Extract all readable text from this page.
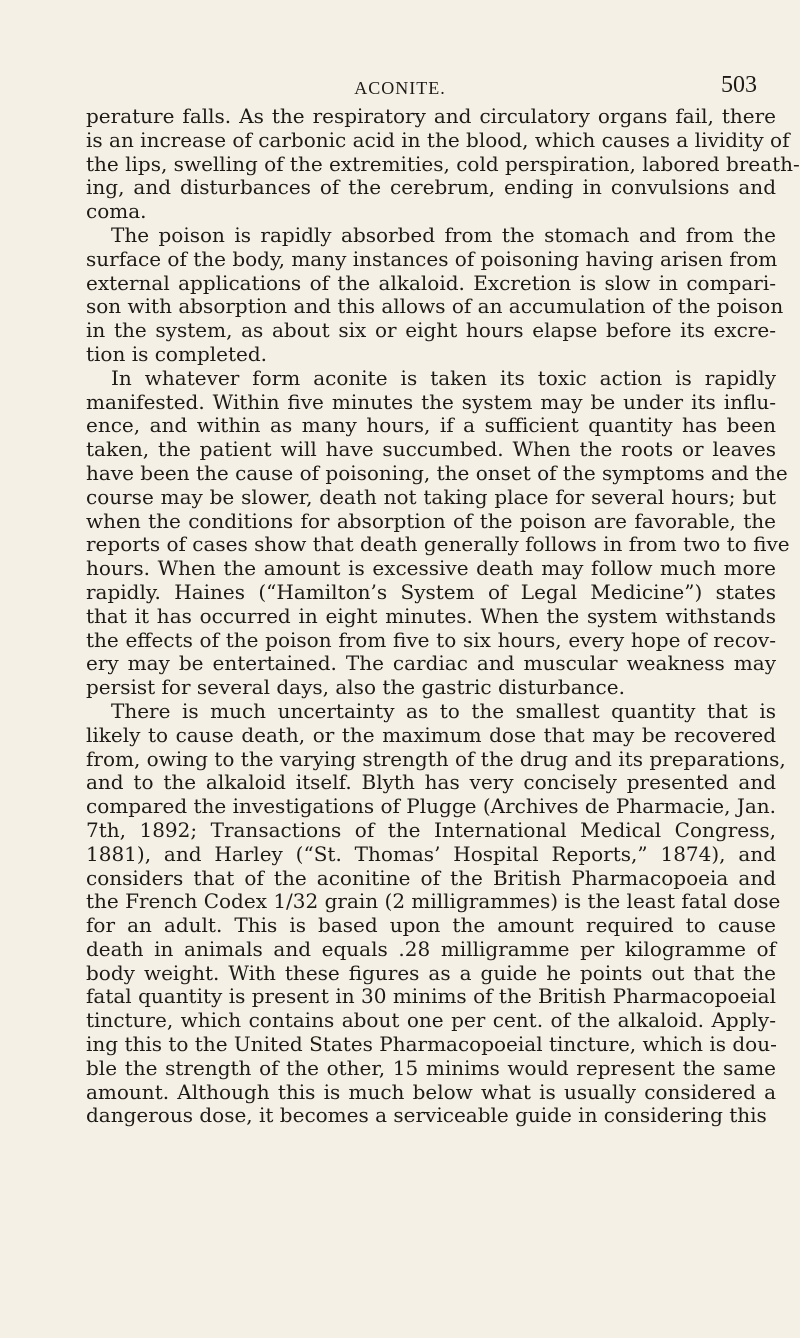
ACONITE.	503
perature falls. As the respiratory and circulatory organs fail, there
is an increase of carbonic acid in the blood, which causes a lividity of
the lips, swelling of the extremities, cold perspiration, labored breath-
ing, and disturbances of the cerebrum, ending in convulsions and
coma.
The poison is rapidly absorbed from the stomach and from the
surface of the body, many instances of poisoning having arisen from
external applications of the alkaloid. Excretion is slow in compari-
son with absorption and this allows of an accumulation of the poison
in the system, as about six or eight hours elapse before its excre-
tion is completed.
In whatever form aconite is taken its toxic action is rapidly
manifested. Within five minutes the system may be under its influ-
ence, and within as many hours, if a sufficient quantity has been
taken, the patient will have succumbed. When the roots or leaves
have been the cause of poisoning, the onset of the symptoms and the
course may be slower, death not taking place for several hours; but
when the conditions for absorption of the poison are favorable, the
reports of cases show that death generally follows in from two to five
hours. When the amount is excessive death may follow much more
rapidly. Haines (“Hamilton’s System of Legal Medicine”) states
that it has occurred in eight minutes. When the system withstands
the effects of the poison from five to six hours, every hope of recov-
ery may be entertained. The cardiac and muscular weakness may
persist for several days, also the gastric disturbance.
There is much uncertainty as to the smallest quantity that is
likely to cause death, or the maximum dose that may be recovered
from, owing to the varying strength of the drug and its preparations,
and to the alkaloid itself. Blyth has very concisely presented and
compared the investigations of Plugge (Archives de Pharmacie, Jan.
7th, 1892; Transactions of the International Medical Congress,
1881), and Harley (“St. Thomas’ Hospital Reports,” 1874), and
considers that of the aconitine of the British Pharmacopoeia and
the French Codex 1/32 grain (2 milligrammes) is the least fatal dose
for an adult. This is based upon the amount required to cause
death in animals and equals .28 milligramme per kilogramme of
body weight. With these figures as a guide he points out that the
fatal quantity is present in 30 minims of the British Pharmacopoeial
tincture, which contains about one per cent. of the alkaloid. Apply-
ing this to the United States Pharmacopoeial tincture, which is dou-
ble the strength of the other, 15 minims would represent the same
amount. Although this is much below what is usually considered a
dangerous dose, it becomes a serviceable guide in considering this
